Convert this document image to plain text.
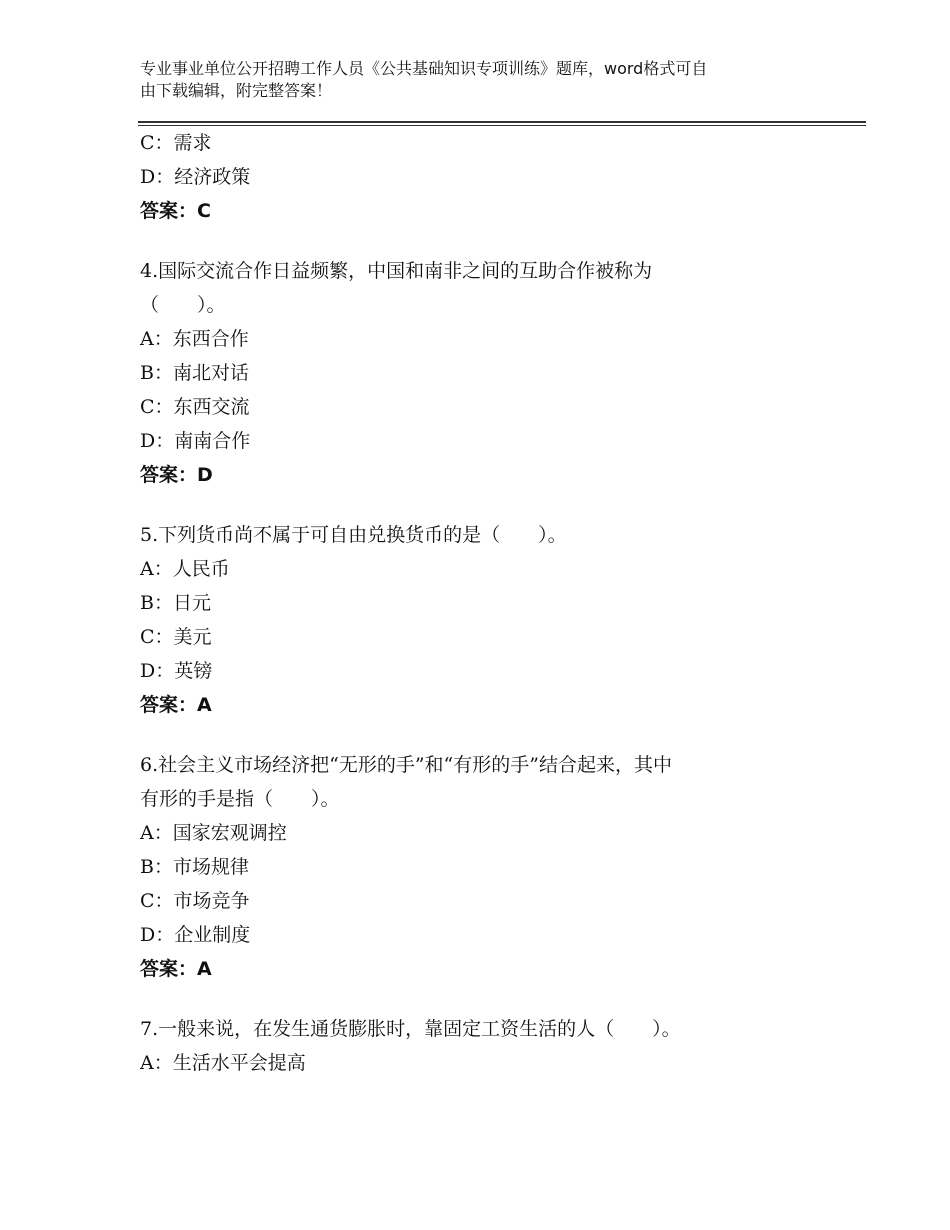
专业事业单位公开招聘工作人员《公共基础知识专项训练》题库，word格式可自
由下载编辑，附完整答案！
C：需求
D：经济政策
答案：C
4.国际交流合作日益频繁，中国和南非之间的互助合作被称为
（　　）。
A：东西合作
B：南北对话
C：东西交流
D：南南合作
答案：D
5.下列货币尚不属于可自由兑换货币的是（　　）。
A：人民币
B：日元
C：美元
D：英镑
答案：A
6.社会主义市场经济把“无形的手”和“有形的手”结合起来，其中
有形的手是指（　　）。
A：国家宏观调控
B：市场规律
C：市场竞争
D：企业制度
答案：A
7.一般来说，在发生通货膨胀时，靠固定工资生活的人（　　）。
A：生活水平会提高
